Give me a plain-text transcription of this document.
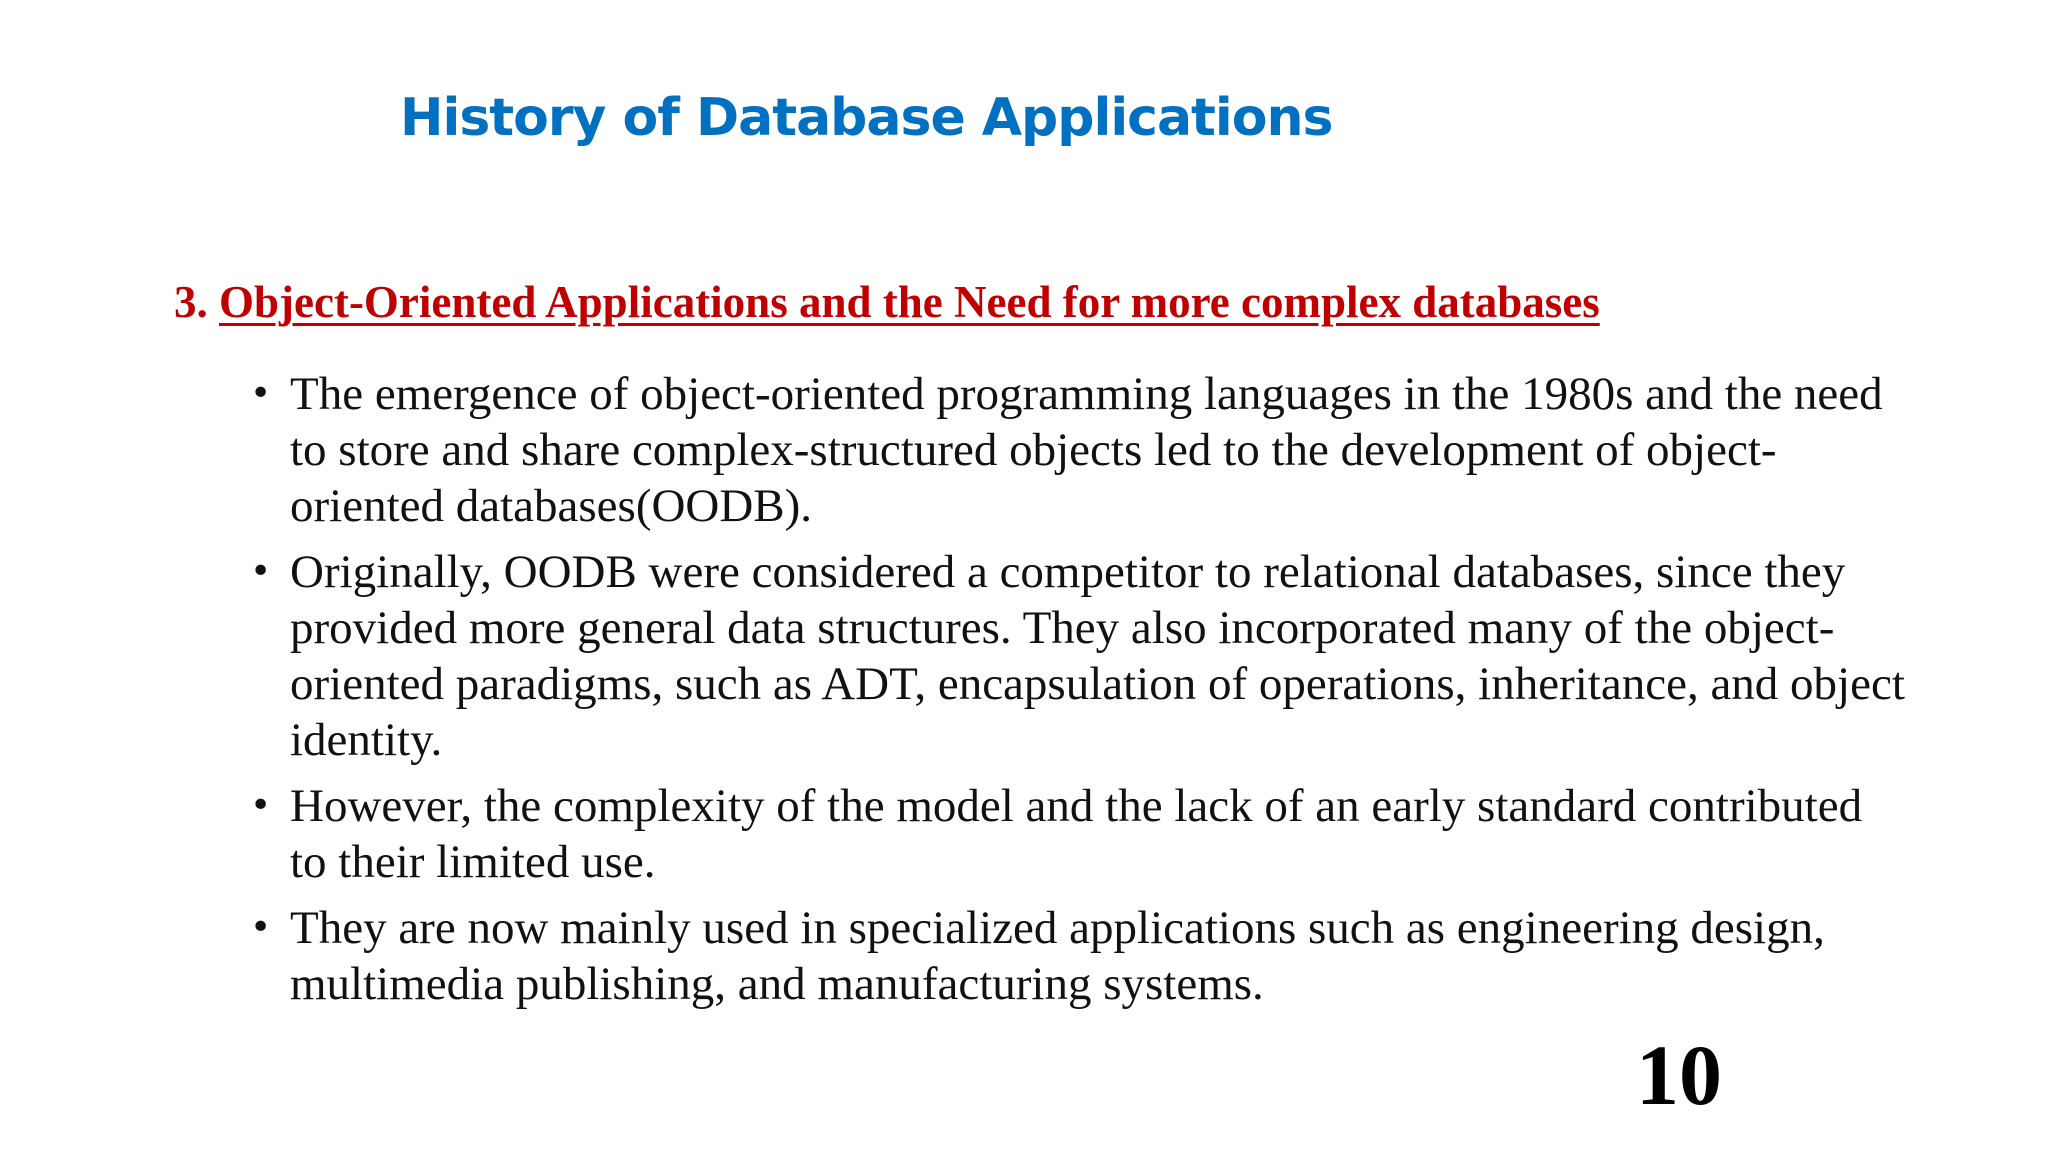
History of Database Applications
3. Object-Oriented Applications and the Need for more complex databases
• The emergence of object-oriented programming languages in the 1980s and the need to store and share complex-structured objects led to the development of object-oriented databases(OODB).
• Originally, OODB were considered a competitor to relational databases, since they provided more general data structures. They also incorporated many of the object-oriented paradigms, such as ADT, encapsulation of operations, inheritance, and object identity.
• However, the complexity of the model and the lack of an early standard contributed to their limited use.
• They are now mainly used in specialized applications such as engineering design, multimedia publishing, and manufacturing systems.
10
